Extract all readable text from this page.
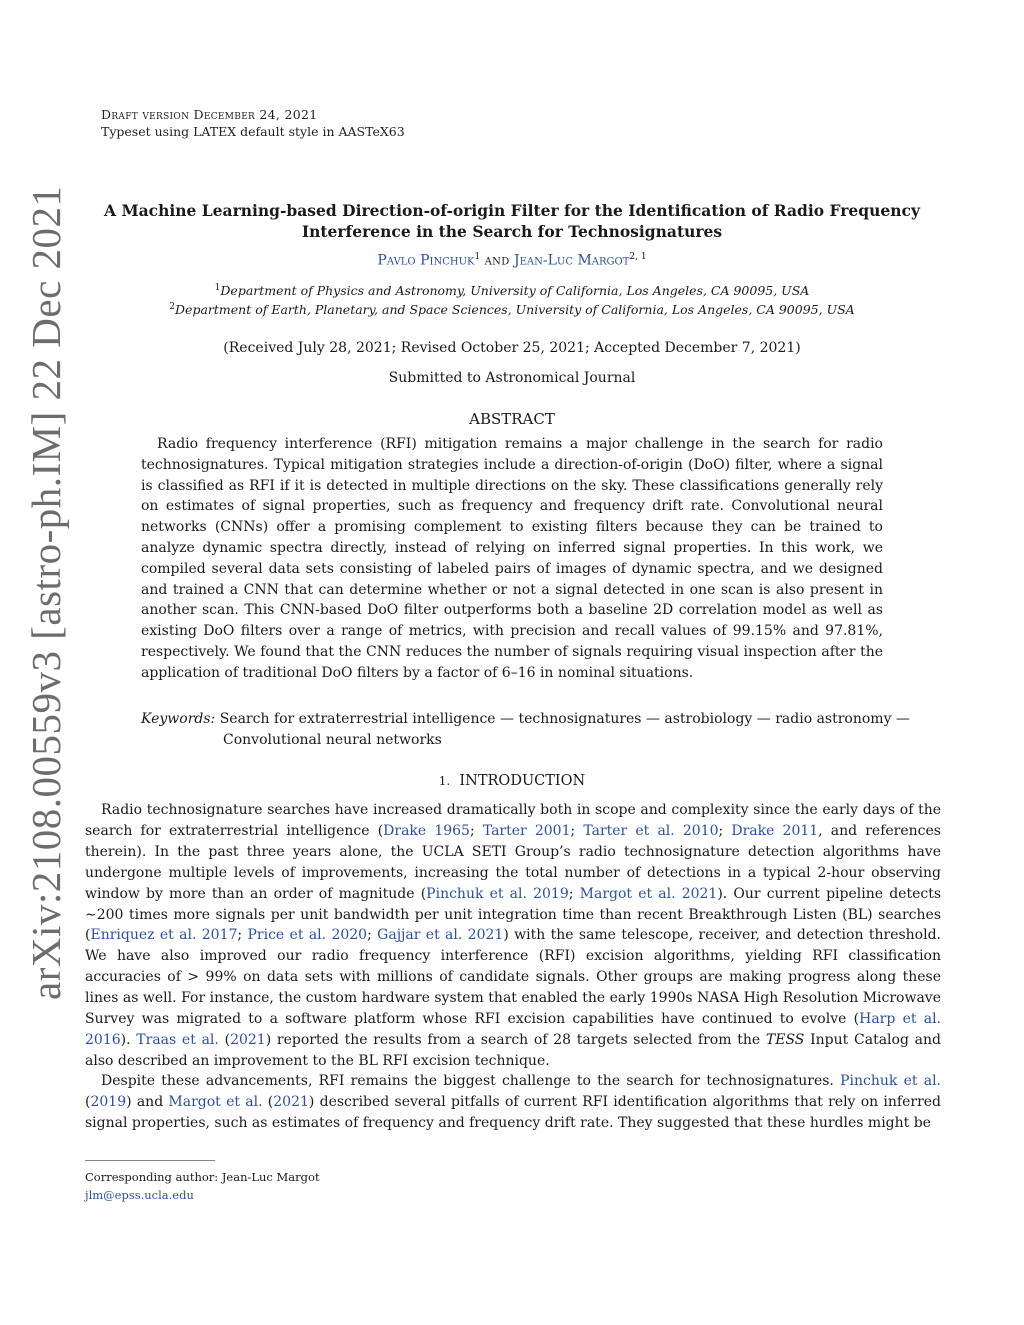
arXiv:2108.00559v3 [astro-ph.IM] 22 Dec 2021
Draft version December 24, 2021
Typeset using LATEX default style in AASTeX63
A Machine Learning-based Direction-of-origin Filter for the Identification of Radio Frequency
Interference in the Search for Technosignatures
Pavlo Pinchuk$^1$ and Jean-Luc Margot$^{2, 1}$
$^1$Department of Physics and Astronomy, University of California, Los Angeles, CA 90095, USA
$^2$Department of Earth, Planetary, and Space Sciences, University of California, Los Angeles, CA 90095, USA
(Received July 28, 2021; Revised October 25, 2021; Accepted December 7, 2021)
Submitted to Astronomical Journal
ABSTRACT
Radio frequency interference (RFI) mitigation remains a major challenge in the search for radio technosignatures. Typical mitigation strategies include a direction-of-origin (DoO) filter, where a signal is classified as RFI if it is detected in multiple directions on the sky. These classifications generally rely on estimates of signal properties, such as frequency and frequency drift rate. Convolutional neural networks (CNNs) offer a promising complement to existing filters because they can be trained to analyze dynamic spectra directly, instead of relying on inferred signal properties. In this work, we compiled several data sets consisting of labeled pairs of images of dynamic spectra, and we designed and trained a CNN that can determine whether or not a signal detected in one scan is also present in another scan. This CNN-based DoO filter outperforms both a baseline 2D correlation model as well as existing DoO filters over a range of metrics, with precision and recall values of 99.15% and 97.81%, respectively. We found that the CNN reduces the number of signals requiring visual inspection after the application of traditional DoO filters by a factor of 6–16 in nominal situations.
Keywords: Search for extraterrestrial intelligence — technosignatures — astrobiology — radio astronomy — Convolutional neural networks
1. INTRODUCTION
Radio technosignature searches have increased dramatically both in scope and complexity since the early days of the search for extraterrestrial intelligence (Drake 1965; Tarter 2001; Tarter et al. 2010; Drake 2011, and references therein). In the past three years alone, the UCLA SETI Group’s radio technosignature detection algorithms have undergone multiple levels of improvements, increasing the total number of detections in a typical 2-hour observing window by more than an order of magnitude (Pinchuk et al. 2019; Margot et al. 2021). Our current pipeline detects ∼200 times more signals per unit bandwidth per unit integration time than recent Breakthrough Listen (BL) searches (Enriquez et al. 2017; Price et al. 2020; Gajjar et al. 2021) with the same telescope, receiver, and detection threshold. We have also improved our radio frequency interference (RFI) excision algorithms, yielding RFI classification accuracies of > 99% on data sets with millions of candidate signals. Other groups are making progress along these lines as well. For instance, the custom hardware system that enabled the early 1990s NASA High Resolution Microwave Survey was migrated to a software platform whose RFI excision capabilities have continued to evolve (Harp et al. 2016). Traas et al. (2021) reported the results from a search of 28 targets selected from the TESS Input Catalog and also described an improvement to the BL RFI excision technique.
Despite these advancements, RFI remains the biggest challenge to the search for technosignatures. Pinchuk et al. (2019) and Margot et al. (2021) described several pitfalls of current RFI identification algorithms that rely on inferred signal properties, such as estimates of frequency and frequency drift rate. They suggested that these hurdles might be
Corresponding author: Jean-Luc Margot
jlm@epss.ucla.edu
